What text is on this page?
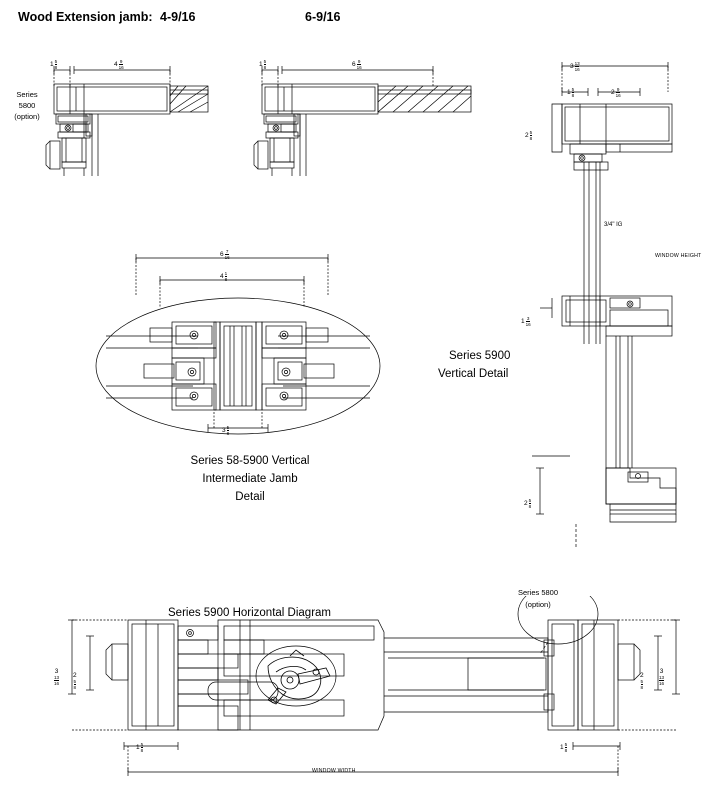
Wood Extension jamb: 4-9/16	6-9/16
Series
5800
(option)
$1 \frac{5}{8}$	$4 \frac{9}{16}$	$1 \frac{5}{8}$	$6 \frac{9}{16}$	$3 \frac{13}{16}$
$1 \frac{5}{8}$	$2 \frac{9}{16}$
$2 \frac{5}{8}$
$1 \frac{3}{16}$
$2 \frac{5}{8}$
3/4" IG
WINDOW HEIGHT
Series 5900
Vertical Detail
$6 \frac{7}{16}$
$4 \frac{1}{8}$
$3 \frac{5}{8}$
Series 58-5900 Vertical
Intermediate Jamb
Detail
Series 5900 Horizontal Diagram
Series 5800
(option)
3
$\frac{13}{16} 2$
$\frac{5}{8}$
$1 \frac{5}{8}$
3
$\frac{13}{16}$
2
$\frac{5}{8}$
$1 \frac{5}{8}$
WINDOW WIDTH
